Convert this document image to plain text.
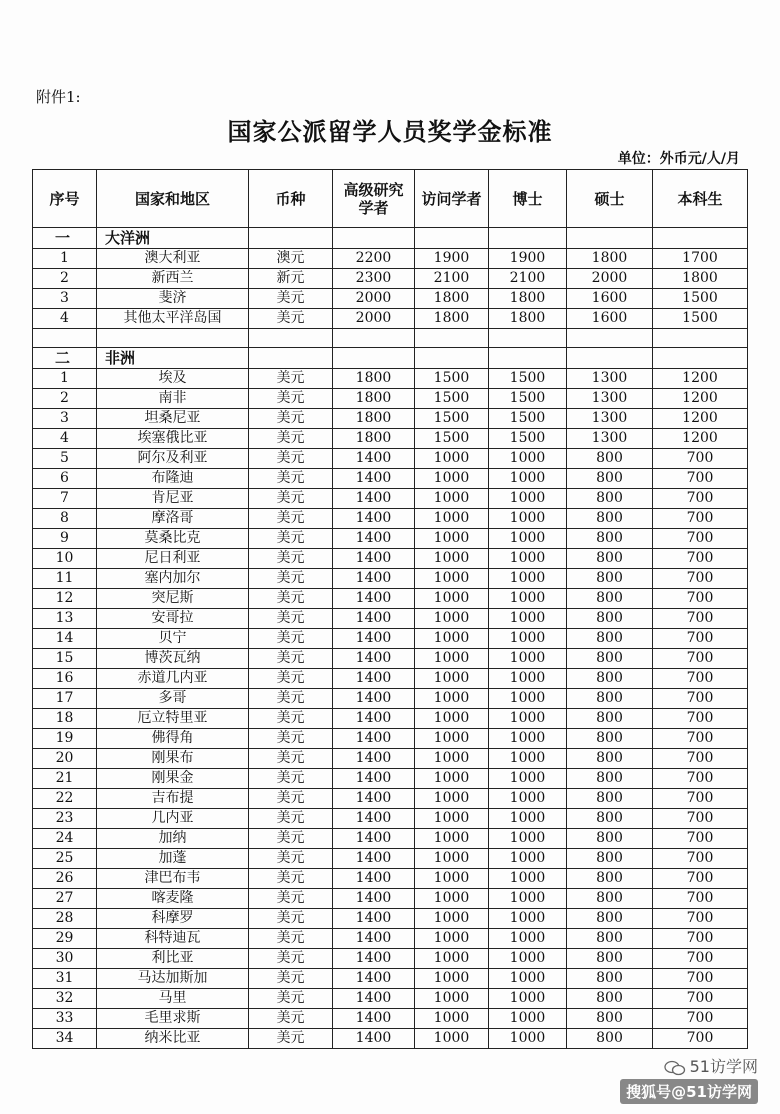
附件1:
国家公派留学人员奖学金标准
单位：外币元/人/月
序号	国家和地区	币种	高级研究学者	访问学者	博士	硕士	本科生
一	大洋洲						
1	澳大利亚	澳元	2200	1900	1900	1800	1700
2	新西兰	新元	2300	2100	2100	2000	1800
3	斐济	美元	2000	1800	1800	1600	1500
4	其他太平洋岛国	美元	2000	1800	1800	1600	1500

二	非洲						
1	埃及	美元	1800	1500	1500	1300	1200
2	南非	美元	1800	1500	1500	1300	1200
3	坦桑尼亚	美元	1800	1500	1500	1300	1200
4	埃塞俄比亚	美元	1800	1500	1500	1300	1200
5	阿尔及利亚	美元	1400	1000	1000	800	700
6	布隆迪	美元	1400	1000	1000	800	700
7	肯尼亚	美元	1400	1000	1000	800	700
8	摩洛哥	美元	1400	1000	1000	800	700
9	莫桑比克	美元	1400	1000	1000	800	700
10	尼日利亚	美元	1400	1000	1000	800	700
11	塞内加尔	美元	1400	1000	1000	800	700
12	突尼斯	美元	1400	1000	1000	800	700
13	安哥拉	美元	1400	1000	1000	800	700
14	贝宁	美元	1400	1000	1000	800	700
15	博茨瓦纳	美元	1400	1000	1000	800	700
16	赤道几内亚	美元	1400	1000	1000	800	700
17	多哥	美元	1400	1000	1000	800	700
18	厄立特里亚	美元	1400	1000	1000	800	700
19	佛得角	美元	1400	1000	1000	800	700
20	刚果布	美元	1400	1000	1000	800	700
21	刚果金	美元	1400	1000	1000	800	700
22	吉布提	美元	1400	1000	1000	800	700
23	几内亚	美元	1400	1000	1000	800	700
24	加纳	美元	1400	1000	1000	800	700
25	加蓬	美元	1400	1000	1000	800	700
26	津巴布韦	美元	1400	1000	1000	800	700
27	喀麦隆	美元	1400	1000	1000	800	700
28	科摩罗	美元	1400	1000	1000	800	700
29	科特迪瓦	美元	1400	1000	1000	800	700
30	利比亚	美元	1400	1000	1000	800	700
31	马达加斯加	美元	1400	1000	1000	800	700
32	马里	美元	1400	1000	1000	800	700
33	毛里求斯	美元	1400	1000	1000	800	700
34	纳米比亚	美元	1400	1000	1000	800	700
51访学网
搜狐号@51访学网
